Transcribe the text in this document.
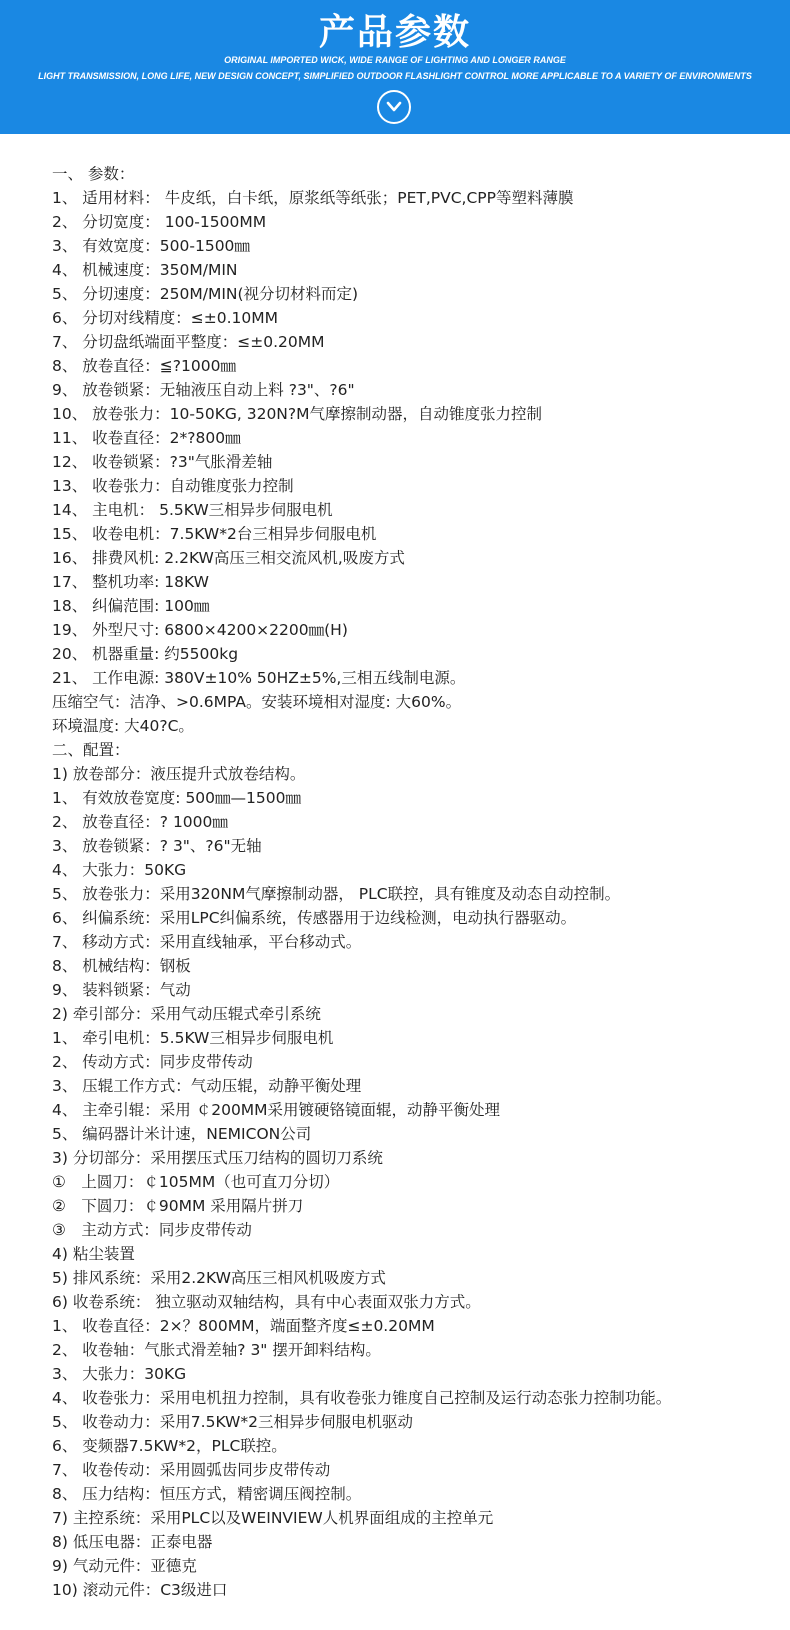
产品参数
ORIGINAL IMPORTED WICK, WIDE RANGE OF LIGHTING AND LONGER RANGE
LIGHT TRANSMISSION, LONG LIFE, NEW DESIGN CONCEPT, SIMPLIFIED OUTDOOR FLASHLIGHT CONTROL MORE APPLICABLE TO A VARIETY OF ENVIRONMENTS
一、 参数：
1、 适用材料： 牛皮纸，白卡纸，原浆纸等纸张；PET,PVC,CPP等塑料薄膜
2、 分切宽度： 100-1500MM
3、 有效宽度：500-1500㎜
4、 机械速度：350M/MIN
5、 分切速度：250M/MIN(视分切材料而定)
6、 分切对线精度：≤±0.10MM
7、 分切盘纸端面平整度：≤±0.20MM
8、 放卷直径：≦?1000㎜
9、 放卷锁紧：无轴液压自动上料 ?3"、?6"
10、 放卷张力：10-50KG, 320N?M气摩擦制动器，自动锥度张力控制
11、 收卷直径：2*?800㎜
12、 收卷锁紧：?3"气胀滑差轴
13、 收卷张力：自动锥度张力控制
14、 主电机： 5.5KW三相异步伺服电机
15、 收卷电机：7.5KW*2台三相异步伺服电机
16、 排费风机: 2.2KW高压三相交流风机,吸废方式
17、 整机功率: 18KW
18、 纠偏范围: 100㎜
19、 外型尺寸: 6800×4200×2200㎜(H)
20、 机器重量: 约5500kg
21、 工作电源: 380V±10% 50HZ±5%,三相五线制电源。
压缩空气：洁净、>0.6MPA。安装环境相对湿度: 大60%。
环境温度: 大40?C。
二、配置：
1) 放卷部分：液压提升式放卷结构。
1、 有效放卷宽度: 500㎜—1500㎜
2、 放卷直径：? 1000㎜
3、 放卷锁紧：? 3"、?6"无轴
4、 大张力：50KG
5、 放卷张力：采用320NM气摩擦制动器， PLC联控，具有锥度及动态自动控制。
6、 纠偏系统：采用LPC纠偏系统，传感器用于边线检测，电动执行器驱动。
7、 移动方式：采用直线轴承，平台移动式。
8、 机械结构：钢板
9、 装料锁紧：气动
2) 牵引部分：采用气动压辊式牵引系统
1、 牵引电机：5.5KW三相异步伺服电机
2、 传动方式：同步皮带传动
3、 压辊工作方式：气动压辊，动静平衡处理
4、 主牵引辊：采用 ￠200MM采用镀硬铬镜面辊，动静平衡处理
5、 编码器计米计速，NEMICON公司
3) 分切部分：采用摆压式压刀结构的圆切刀系统
①　上圆刀：￠105MM（也可直刀分切）
②　下圆刀：￠90MM 采用隔片拼刀
③　主动方式：同步皮带传动
4) 粘尘装置
5) 排风系统：采用2.2KW高压三相风机吸废方式
6) 收卷系统： 独立驱动双轴结构，具有中心表面双张力方式。
1、 收卷直径：2×？800MM，端面整齐度≤±0.20MM
2、 收卷轴：气胀式滑差轴? 3" 摆开卸料结构。
3、 大张力：30KG
4、 收卷张力：采用电机扭力控制，具有收卷张力锥度自己控制及运行动态张力控制功能。
5、 收卷动力：采用7.5KW*2三相异步伺服电机驱动
6、 变频器7.5KW*2，PLC联控。
7、 收卷传动：采用圆弧齿同步皮带传动
8、 压力结构：恒压方式，精密调压阀控制。
7) 主控系统：采用PLC以及WEINVIEW人机界面组成的主控单元
8) 低压电器：正泰电器
9) 气动元件：亚德克
10) 滚动元件：C3级进口
